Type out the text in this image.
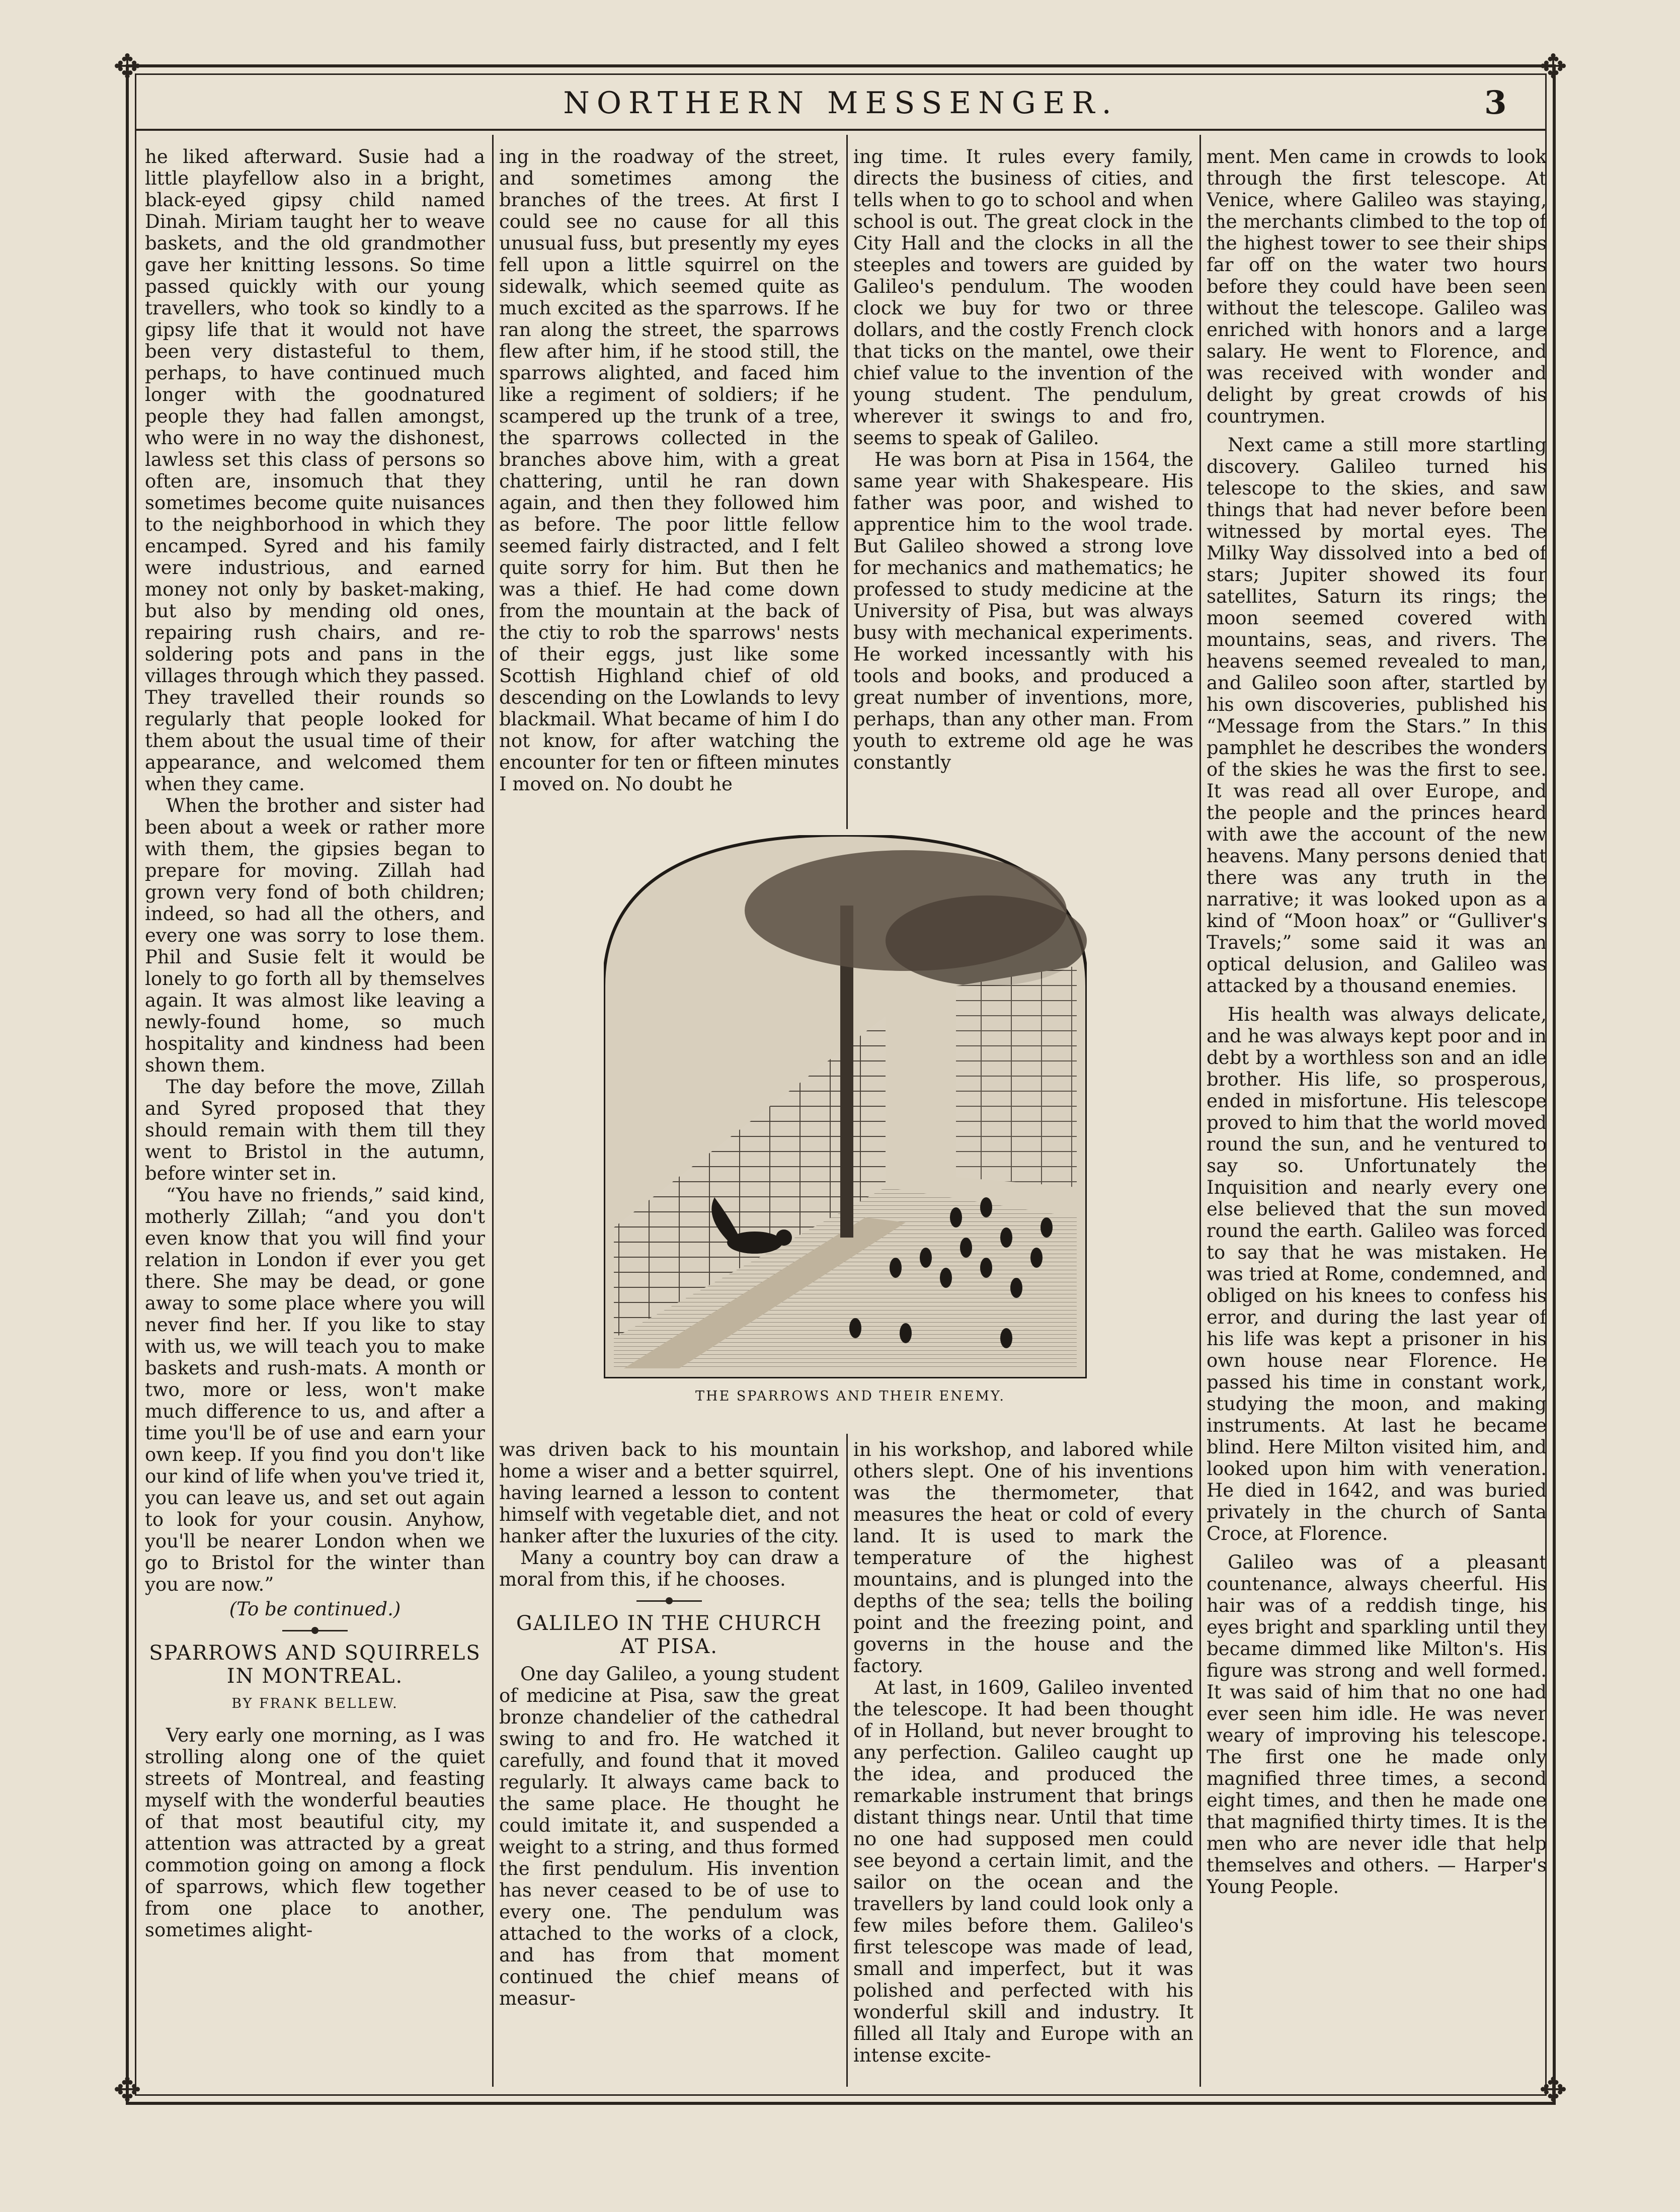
✥	✥
✥	✥
NORTHERN MESSENGER.	3

he liked afterward. Susie had a little playfellow also in a bright, black-eyed gipsy child named Dinah. Miriam taught her to weave baskets, and the old grandmother gave her knitting lessons. So time passed quickly with our young travellers, who took so kindly to a gipsy life that it would not have been very distasteful to them, perhaps, to have continued much longer with the goodnatured people they had fallen amongst, who were in no way the dishonest, lawless set this class of persons so often are, insomuch that they sometimes become quite nuisances to the neighborhood in which they encamped. Syred and his family were industrious, and earned money not only by basket-making, but also by mending old ones, repairing rush chairs, and re-soldering pots and pans in the villages through which they passed. They travelled their rounds so regularly that people looked for them about the usual time of their appearance, and welcomed them when they came.

When the brother and sister had been about a week or rather more with them, the gipsies began to prepare for moving. Zillah had grown very fond of both children; indeed, so had all the others, and every one was sorry to lose them. Phil and Susie felt it would be lonely to go forth all by themselves again. It was almost like leaving a newly-found home, so much hospitality and kindness had been shown them.

The day before the move, Zillah and Syred proposed that they should remain with them till they went to Bristol in the autumn, before winter set in.

“You have no friends,” said kind, motherly Zillah; “and you don't even know that you will find your relation in London if ever you get there. She may be dead, or gone away to some place where you will never find her. If you like to stay with us, we will teach you to make baskets and rush-mats. A month or two, more or less, won't make much difference to us, and after a time you'll be of use and earn your own keep. If you find you don't like our kind of life when you've tried it, you can leave us, and set out again to look for your cousin. Anyhow, you'll be nearer London when we go to Bristol for the winter than you are now.”

(To be continued.)
SPARROWS AND SQUIRRELS IN MONTREAL.
BY FRANK BELLEW.

Very early one morning, as I was strolling along one of the quiet streets of Montreal, and feasting myself with the wonderful beauties of that most beautiful city, my attention was attracted by a great commotion going on among a flock of sparrows, which flew together from one place to another, sometimes alight-

ing in the roadway of the street, and sometimes among the branches of the trees. At first I could see no cause for all this unusual fuss, but presently my eyes fell upon a little squirrel on the sidewalk, which seemed quite as much excited as the sparrows. If he ran along the street, the sparrows flew after him, if he stood still, the sparrows alighted, and faced him like a regiment of soldiers; if he scampered up the trunk of a tree, the sparrows collected in the branches above him, with a great chattering, until he ran down again, and then they followed him as before. The poor little fellow seemed fairly distracted, and I felt quite sorry for him. But then he was a thief. He had come down from the mountain at the back of the ctiy to rob the sparrows' nests of their eggs, just like some Scottish Highland chief of old descending on the Lowlands to levy blackmail. What became of him I do not know, for after watching the encounter for ten or fifteen minutes I moved on. No doubt he

ing time. It rules every family, directs the business of cities, and tells when to go to school and when school is out. The great clock in the City Hall and the clocks in all the steeples and towers are guided by Galileo's pendulum. The wooden clock we buy for two or three dollars, and the costly French clock that ticks on the mantel, owe their chief value to the invention of the young student. The pendulum, wherever it swings to and fro, seems to speak of Galileo.

He was born at Pisa in 1564, the same year with Shakespeare. His father was poor, and wished to apprentice him to the wool trade. But Galileo showed a strong love for mechanics and mathematics; he professed to study medicine at the University of Pisa, but was always busy with mechanical experiments. He worked incessantly with his tools and books, and produced a great number of inventions, more, perhaps, than any other man. From youth to extreme old age he was constantly

ment. Men came in crowds to look through the first telescope. At Venice, where Galileo was staying, the merchants climbed to the top of the highest tower to see their ships far off on the water two hours before they could have been seen without the telescope. Galileo was enriched with honors and a large salary. He went to Florence, and was received with wonder and delight by great crowds of his countrymen.

Next came a still more startling discovery. Galileo turned his telescope to the skies, and saw things that had never before been witnessed by mortal eyes. The Milky Way dissolved into a bed of stars; Jupiter showed its four satellites, Saturn its rings; the moon seemed covered with mountains, seas, and rivers. The heavens seemed revealed to man, and Galileo soon after, startled by his own discoveries, published his “Message from the Stars.” In this pamphlet he describes the wonders of the skies he was the first to see. It was read all over Europe, and the people and the princes heard with awe the account of the new heavens. Many persons denied that there was any truth in the narrative; it was looked upon as a kind of “Moon hoax” or “Gulliver's Travels;” some said it was an optical delusion, and Galileo was attacked by a thousand enemies.

His health was always delicate, and he was always kept poor and in debt by a worthless son and an idle brother. His life, so prosperous, ended in misfortune. His telescope proved to him that the world moved round the sun, and he ventured to say so. Unfortunately the Inquisition and nearly every one else believed that the sun moved round the earth. Galileo was forced to say that he was mistaken. He was tried at Rome, condemned, and obliged on his knees to confess his error, and during the last year of his life was kept a prisoner in his own house near Florence. He passed his time in constant work, studying the moon, and making instruments. At last he became blind. Here Milton visited him, and looked upon him with veneration. He died in 1642, and was buried privately in the church of Santa Croce, at Florence.

Galileo was of a pleasant countenance, always cheerful. His hair was of a reddish tinge, his eyes bright and sparkling until they became dimmed like Milton's. His figure was strong and well formed. It was said of him that no one had ever seen him idle. He was never weary of improving his telescope. The first one he made only magnified three times, a second eight times, and then he made one that magnified thirty times. It is the men who are never idle that help themselves and others. — Harper's Young People.

THE SPARROWS AND THEIR ENEMY.

was driven back to his mountain home a wiser and a better squirrel, having learned a lesson to content himself with vegetable diet, and not hanker after the luxuries of the city.

Many a country boy can draw a moral from this, if he chooses.

GALILEO IN THE CHURCH AT PISA.

One day Galileo, a young student of medicine at Pisa, saw the great bronze chandelier of the cathedral swing to and fro. He watched it carefully, and found that it moved regularly. It always came back to the same place. He thought he could imitate it, and suspended a weight to a string, and thus formed the first pendulum. His invention has never ceased to be of use to every one. The pendulum was attached to the works of a clock, and has from that moment continued the chief means of measur-

in his workshop, and labored while others slept. One of his inventions was the thermometer, that measures the heat or cold of every land. It is used to mark the temperature of the highest mountains, and is plunged into the depths of the sea; tells the boiling point and the freezing point, and governs in the house and the factory.

At last, in 1609, Galileo invented the telescope. It had been thought of in Holland, but never brought to any perfection. Galileo caught up the idea, and produced the remarkable instrument that brings distant things near. Until that time no one had supposed men could see beyond a certain limit, and the sailor on the ocean and the travellers by land could look only a few miles before them. Galileo's first telescope was made of lead, small and imperfect, but it was polished and perfected with his wonderful skill and industry. It filled all Italy and Europe with an intense excite-
